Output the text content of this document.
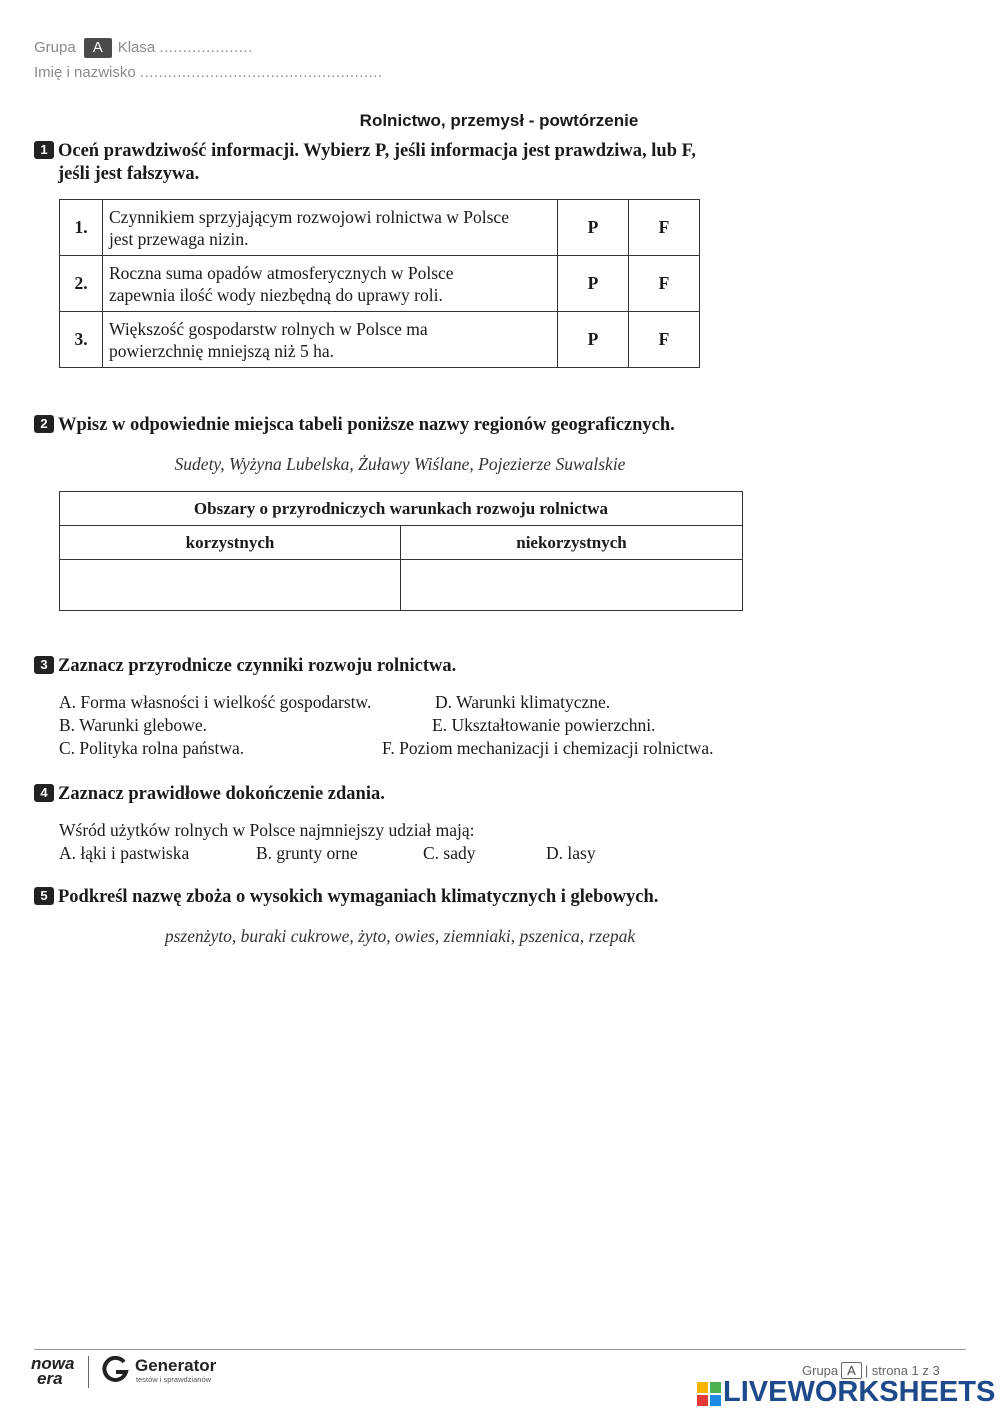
Grupa A Klasa ....................
Imię i nazwisko ....................................................
Rolnictwo, przemysł - powtórzenie
1 Oceń prawdziwość informacji. Wybierz P, jeśli informacja jest prawdziwa, lub F,
jeśli jest fałszywa.
1.	Czynnikiem sprzyjającym rozwojowi rolnictwa w Polsce
jest przewaga nizin.	P	F
2.	Roczna suma opadów atmosferycznych w Polsce
zapewnia ilość wody niezbędną do uprawy roli.	P	F
3.	Większość gospodarstw rolnych w Polsce ma
powierzchnię mniejszą niż 5 ha.	P	F
2 Wpisz w odpowiednie miejsca tabeli poniższe nazwy regionów geograficznych.
Sudety, Wyżyna Lubelska, Żuławy Wiślane, Pojezierze Suwalskie
Obszary o przyrodniczych warunkach rozwoju rolnictwa	
korzystnych	niekorzystnych

3 Zaznacz przyrodnicze czynniki rozwoju rolnictwa.
A. Forma własności i wielkość gospodarstw.
B. Warunki glebowe.
C. Polityka rolna państwa.
D. Warunki klimatyczne.
E. Ukształtowanie powierzchni.
F. Poziom mechanizacji i chemizacji rolnictwa.
4 Zaznacz prawidłowe dokończenie zdania.
Wśród użytków rolnych w Polsce najmniejszy udział mają:
A. łąki i pastwiska	B. grunty orne	C. sady	D. lasy
5 Podkreśl nazwę zboża o wysokich wymaganiach klimatycznych i glebowych.
pszenżyto, buraki cukrowe, żyto, owies, ziemniaki, pszenica, rzepak
nowa
era
Generator
testów i sprawdzianów
Grupa A | strona 1 z 3
LIVEWORKSHEETS
